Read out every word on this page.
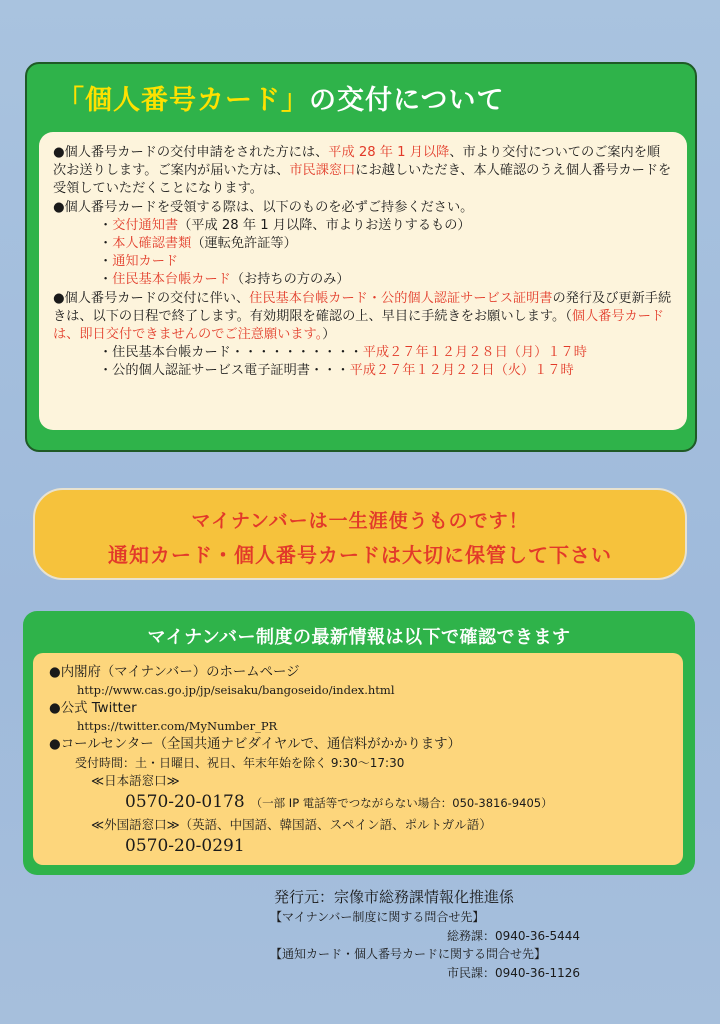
「個人番号カード」の交付について

●個人番号カードの交付申請をされた方には、平成 28 年 1 月以降、市より交付についてのご案内を順次お送りします。ご案内が届いた方は、市民課窓口にお越しいただき、本人確認のうえ個人番号カードを受領していただくことになります。

●個人番号カードを受領する際は、以下のものを必ずご持参ください。

・交付通知書（平成 28 年 1 月以降、市よりお送りするもの）

・本人確認書類（運転免許証等）

・通知カード

・住民基本台帳カード（お持ちの方のみ）

●個人番号カードの交付に伴い、住民基本台帳カード・公的個人認証サービス証明書の発行及び更新手続きは、以下の日程で終了します。有効期限を確認の上、早目に手続きをお願いします。（個人番号カードは、即日交付できませんのでご注意願います。）

・住民基本台帳カード・・・・・・・・・・平成２７年１２月２８日（月）１７時

・公的個人認証サービス電子証明書・・・平成２７年１２月２２日（火）１７時

マイナンバーは一生涯使うものです！
通知カード・個人番号カードは大切に保管して下さい
マイナンバー制度の最新情報は以下で確認できます

●内閣府（マイナンバー）のホームページ

http://www.cas.go.jp/jp/seisaku/bangoseido/index.html

●公式 Twitter

https://twitter.com/MyNumber_PR

●コールセンター（全国共通ナビダイヤルで、通信料がかかります）

受付時間：土・日曜日、祝日、年末年始を除く 9:30～17:30

≪日本語窓口≫

0570-20-0178 （一部 IP 電話等でつながらない場合：050-3816-9405）

≪外国語窓口≫（英語、中国語、韓国語、スペイン語、ポルトガル語）

0570-20-0291

発行元：宗像市総務課情報化推進係
【マイナンバー制度に関する問合せ先】
総務課：0940-36-5444
【通知カード・個人番号カードに関する問合せ先】
市民課：0940-36-1126
